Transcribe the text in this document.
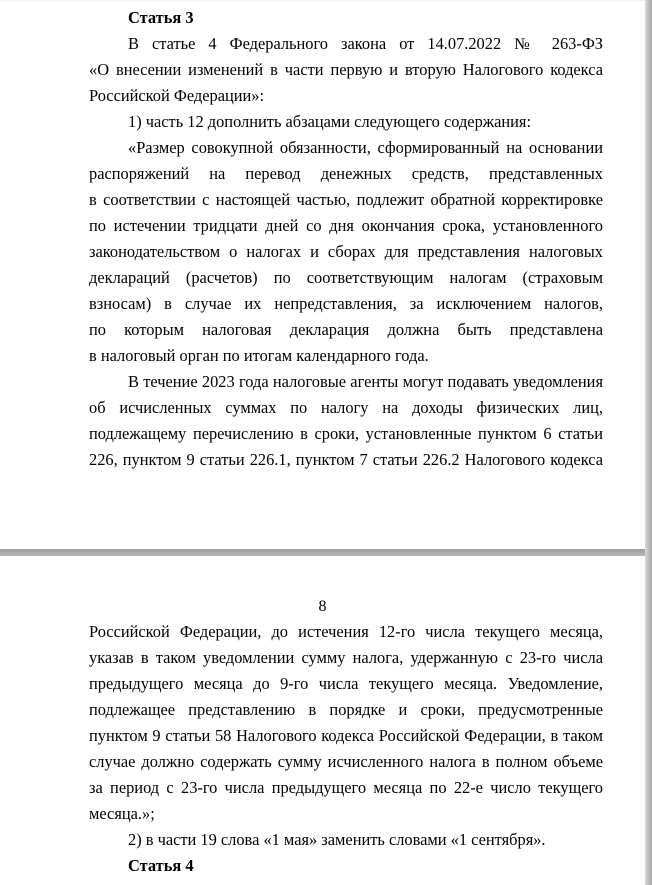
Статья 3
В статье 4 Федерального закона от 14.07.2022 № 263-ФЗ
«О внесении изменений в части первую и вторую Налогового кодекса
Российской Федерации»:
1) часть 12 дополнить абзацами следующего содержания:
«Размер совокупной обязанности, сформированный на основании
распоряжений на перевод денежных средств, представленных
в соответствии с настоящей частью, подлежит обратной корректировке
по истечении тридцати дней со дня окончания срока, установленного
законодательством о налогах и сборах для представления налоговых
деклараций (расчетов) по соответствующим налогам (страховым
взносам) в случае их непредставления, за исключением налогов,
по которым налоговая декларация должна быть представлена
в налоговый орган по итогам календарного года.
В течение 2023 года налоговые агенты могут подавать уведомления
об исчисленных суммах по налогу на доходы физических лиц,
подлежащему перечислению в сроки, установленные пунктом 6 статьи
226, пунктом 9 статьи 226.1, пунктом 7 статьи 226.2 Налогового кодекса
8
Российской Федерации, до истечения 12-го числа текущего месяца,
указав в таком уведомлении сумму налога, удержанную с 23-го числа
предыдущего месяца до 9-го числа текущего месяца. Уведомление,
подлежащее представлению в порядке и сроки, предусмотренные
пунктом 9 статьи 58 Налогового кодекса Российской Федерации, в таком
случае должно содержать сумму исчисленного налога в полном объеме
за период с 23-го числа предыдущего месяца по 22-е число текущего
месяца.»;
2) в части 19 слова «1 мая» заменить словами «1 сентября».
Статья 4
